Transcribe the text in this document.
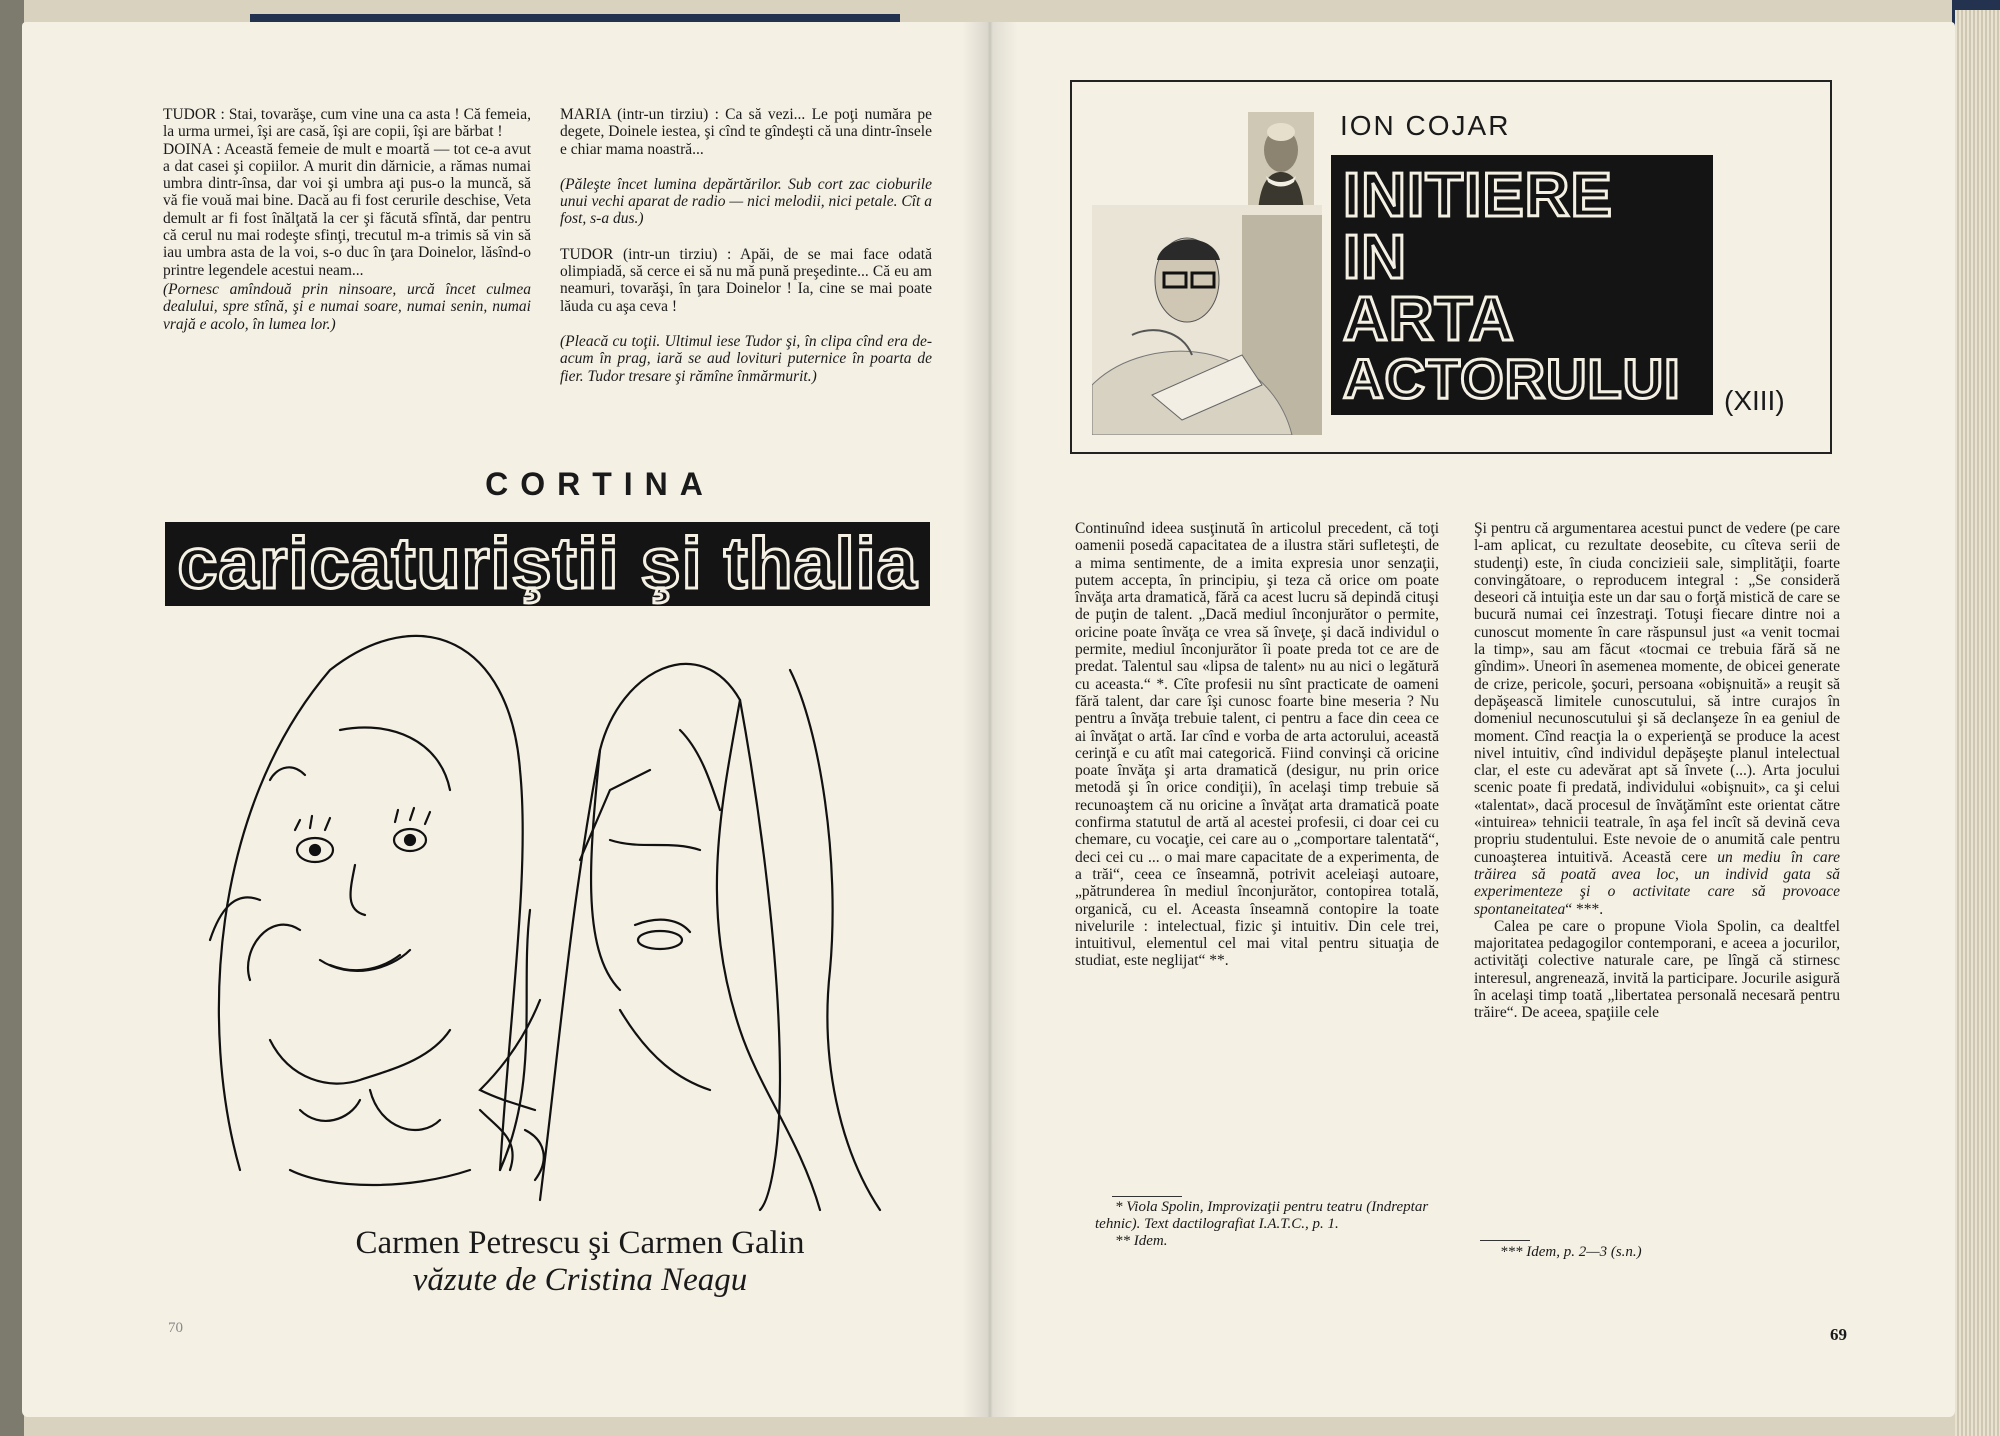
TUDOR : Stai, tovarăşe, cum vine una ca asta ! Că femeia, la urma urmei, îşi are casă, îşi are copii, îşi are bărbat !

DOINA : Această femeie de mult e moartă — tot ce-a avut a dat casei şi copiilor. A murit din dărnicie, a rămas numai umbra dintr-însa, dar voi şi umbra aţi pus-o la muncă, să vă fie vouă mai bine. Dacă au fi fost cerurile deschise, Veta demult ar fi fost înălţată la cer şi făcută sfîntă, dar pentru că cerul nu mai rodeşte sfinţi, trecutul m-a trimis să vin să iau umbra asta de la voi, s-o duc în ţara Doinelor, lăsînd-o printre legendele acestui neam...

(Pornesc amîndouă prin ninsoare, urcă încet culmea dealului, spre stînă, şi e numai soare, numai senin, numai vrajă e acolo, în lumea lor.)

MARIA (intr-un tirziu) : Ca să vezi... Le poţi număra pe degete, Doinele iestea, şi cînd te gîndeşti că una dintr-însele e chiar mama noastră...

(Păleşte încet lumina depărtărilor. Sub cort zac cioburile unui vechi aparat de radio — nici melodii, nici petale. Cît a fost, s-a dus.)

TUDOR (intr-un tirziu) : Apăi, de se mai face odată olimpiadă, să cerce ei să nu mă pună preşedinte... Că eu am neamuri, tovarăşi, în ţara Doinelor ! Ia, cine se mai poate lăuda cu aşa ceva !

(Pleacă cu toţii. Ultimul iese Tudor şi, în clipa cînd era de-acum în prag, iară se aud lovituri puternice în poarta de fier. Tudor tresare şi rămîne înmărmurit.)

CORTINA
caricaturiştii şi thalia
Carmen Petrescu şi Carmen Galin
văzute de Cristina Neagu
70
ION COJAR
INITIERE
IN
ARTA
ACTORULUI (XIII)

Continuînd ideea susţinută în articolul precedent, că toţi oamenii posedă capacitatea de a ilustra stări sufleteşti, de a mima sentimente, de a imita expresia unor senzaţii, putem accepta, în principiu, şi teza că orice om poate învăţa arta dramatică, fără ca acest lucru să depindă cituşi de puţin de talent. „Dacă mediul înconjurător o permite, oricine poate învăţa ce vrea să înveţe, şi dacă individul o permite, mediul înconjurător îi poate preda tot ce are de predat. Talentul sau «lipsa de talent» nu au nici o legătură cu aceasta.“ *. Cîte profesii nu sînt practicate de oameni fără talent, dar care îşi cunosc foarte bine meseria ? Nu pentru a învăţa trebuie talent, ci pentru a face din ceea ce ai învăţat o artă. Iar cînd e vorba de arta actorului, această cerinţă e cu atît mai categorică. Fiind convinşi că oricine poate învăţa şi arta dramatică (desigur, nu prin orice metodă şi în orice condiţii), în acelaşi timp trebuie să recunoaştem că nu oricine a învăţat arta dramatică poate confirma statutul de artă al acestei profesii, ci doar cei cu chemare, cu vocaţie, cei care au o „comportare talentată“, deci cei cu ... o mai mare capacitate de a experimenta, de a trăi“, ceea ce înseamnă, potrivit aceleiaşi autoare, „pătrunderea în mediul înconjurător, contopirea totală, organică, cu el. Aceasta înseamnă contopire la toate nivelurile : intelectual, fizic şi intuitiv. Din cele trei, intuitivul, elementul cel mai vital pentru situaţia de studiat, este neglijat“ **.

* Viola Spolin, Improvizaţii pentru teatru (Indreptar tehnic). Text dactilografiat I.A.T.C., p. 1.

** Idem.

Şi pentru că argumentarea acestui punct de vedere (pe care l-am aplicat, cu rezultate deosebite, cu cîteva serii de studenţi) este, în ciuda concizieii sale, simplităţii, foarte convingătoare, o reproducem integral : „Se consideră deseori că intuiţia este un dar sau o forţă mistică de care se bucură numai cei înzestraţi. Totuşi fiecare dintre noi a cunoscut momente în care răspunsul just «a venit tocmai la timp», sau am făcut «tocmai ce trebuia fără să ne gîndim». Uneori în asemenea momente, de obicei generate de crize, pericole, şocuri, persoana «obişnuită» a reuşit să depăşească limitele cunoscutului, să intre curajos în domeniul necunoscutului şi să declanşeze în ea geniul de moment. Cînd reacţia la o experienţă se produce la acest nivel intuitiv, cînd individul depăşeşte planul intelectual clar, el este cu adevărat apt să învete (...). Arta jocului scenic poate fi predată, individului «obişnuit», ca şi celui «talentat», dacă procesul de învăţămînt este orientat către «intuirea» tehnicii teatrale, în aşa fel incît să devină ceva propriu studentului. Este nevoie de o anumită cale pentru cunoaşterea intuitivă. Această cere un mediu în care trăirea să poată avea loc, un individ gata să experimenteze şi o activitate care să provoace spontaneitatea“ ***.

Calea pe care o propune Viola Spolin, ca dealtfel majoritatea pedagogilor contemporani, e aceea a jocurilor, activităţi colective naturale care, pe lîngă că stirnesc interesul, angrenează, invită la participare. Jocurile asigură în acelaşi timp toată „libertatea personală necesară pentru trăire“. De aceea, spaţiile cele

*** Idem, p. 2—3 (s.n.)

69
